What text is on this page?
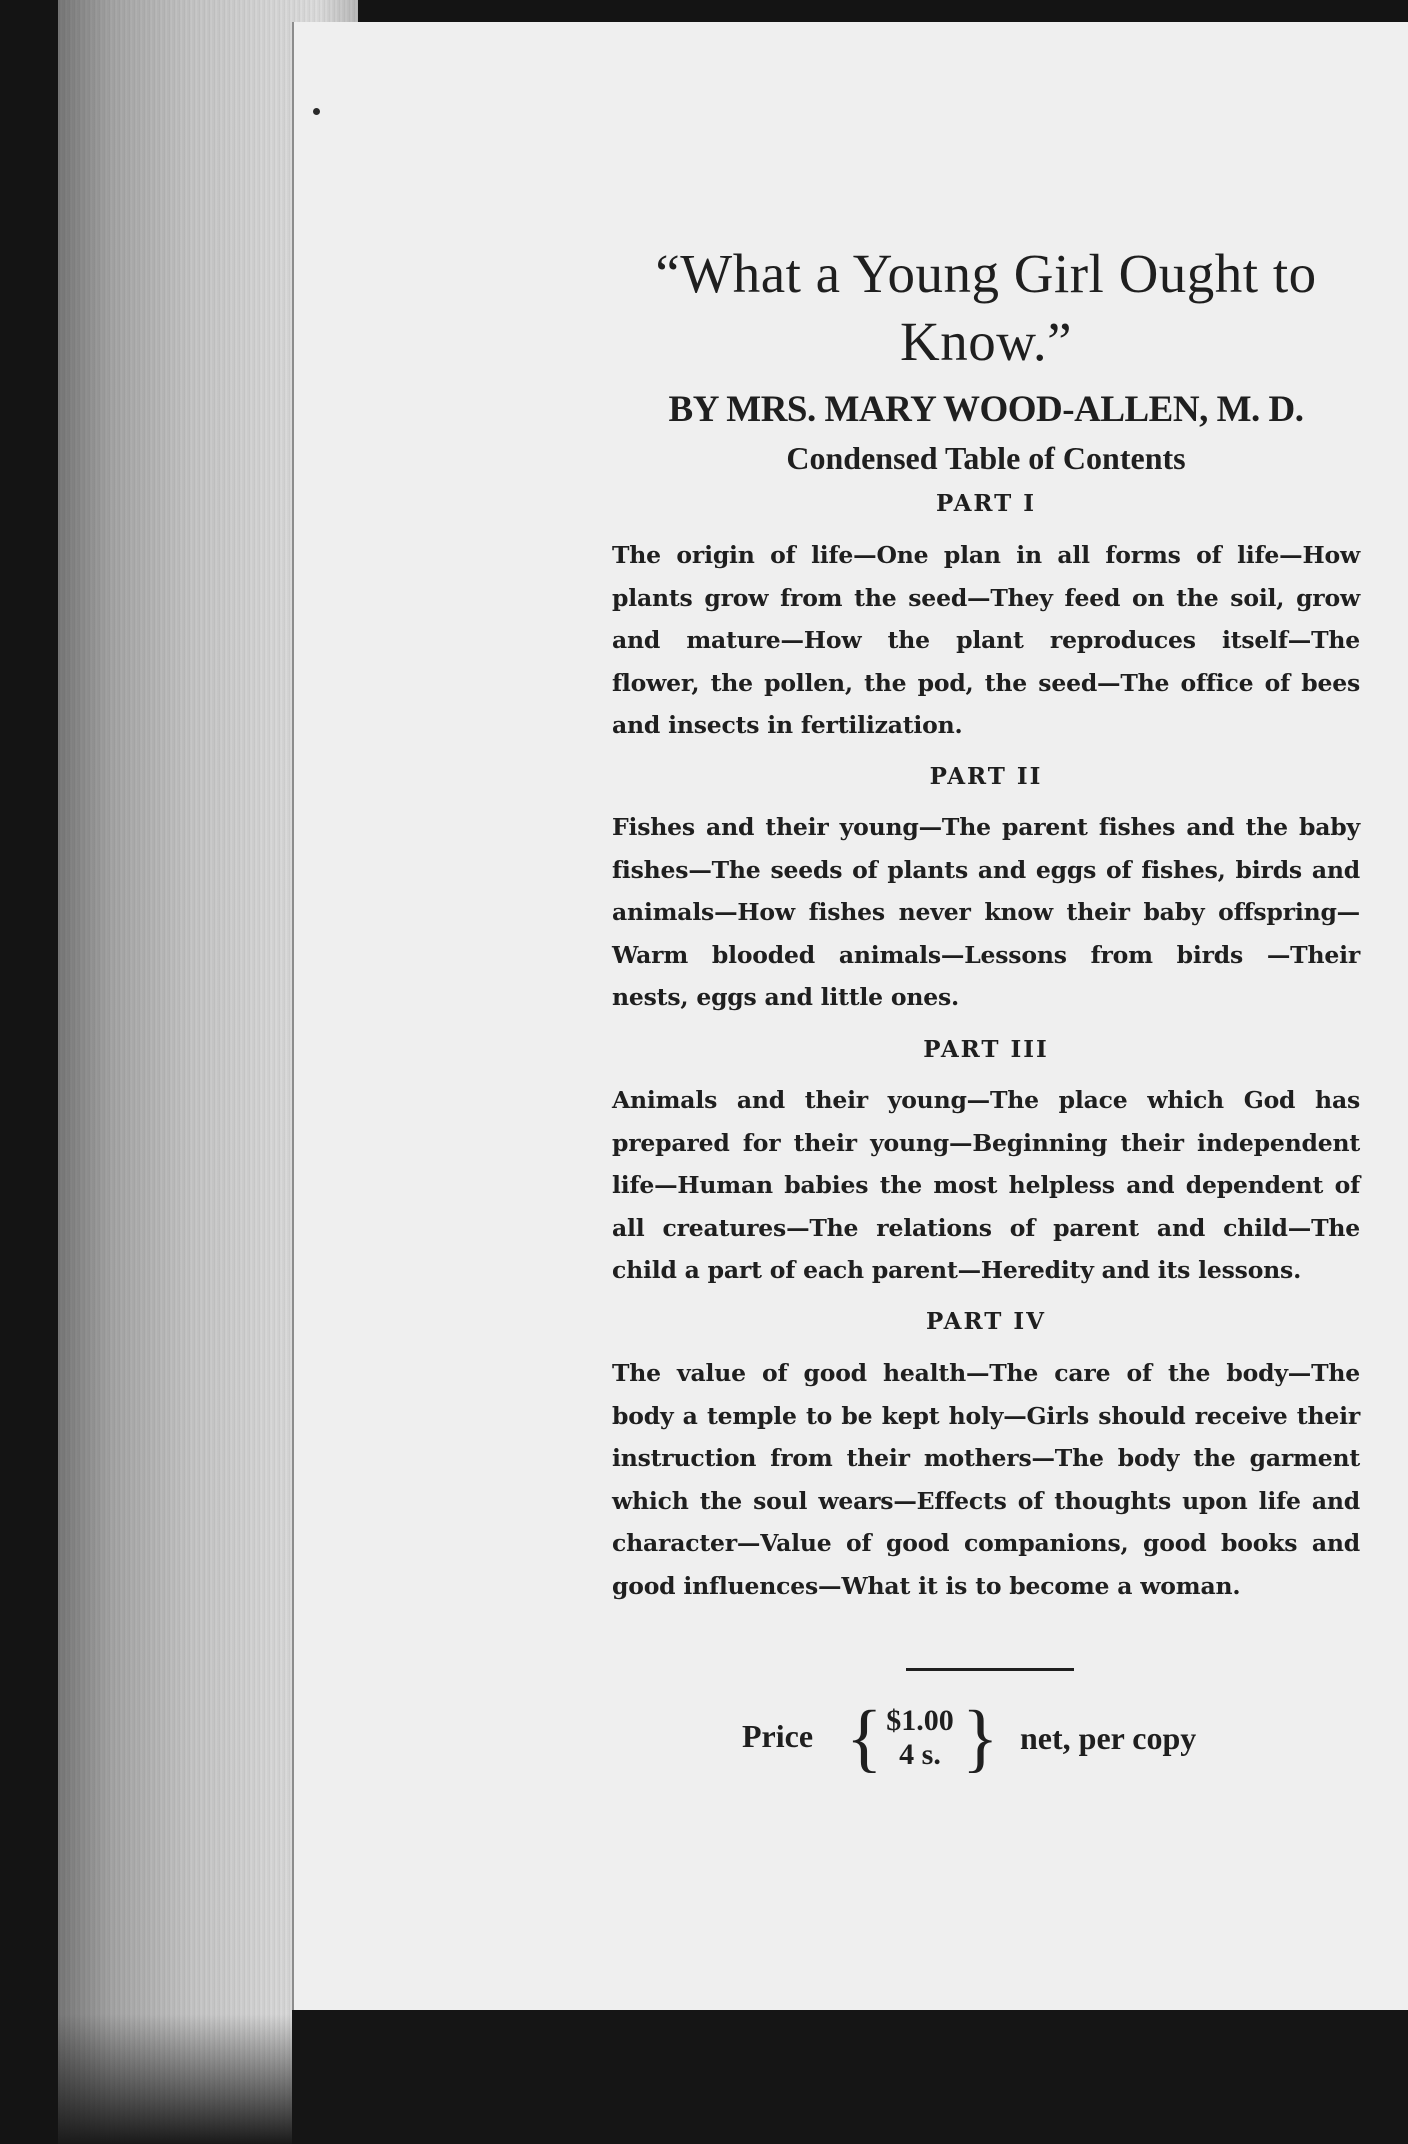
“What a Young Girl Ought to
Know.”
BY MRS. MARY WOOD-ALLEN, M. D.
Condensed Table of Contents
PART I

The origin of life—One plan in all forms of life—How plants grow from the seed—They feed on the soil, grow and mature—How the plant reproduces itself—The flower, the pollen, the pod, the seed—The office of bees and insects in fertilization.

PART II

Fishes and their young—The parent fishes and the baby fishes—The seeds of plants and eggs of fishes, birds and animals—How fishes never know their baby offspring—Warm blooded animals—Lessons from birds —Their nests, eggs and little ones.

PART III

Animals and their young—The place which God has prepared for their young—Beginning their independent life—Human babies the most helpless and dependent of all creatures—The relations of parent and child—The child a part of each parent—Heredity and its lessons.

PART IV

The value of good health—The care of the body—The body a temple to be kept holy—Girls should receive their instruction from their mothers—The body the garment which the soul wears—Effects of thoughts upon life and character—Value of good companions, good books and good influences—What it is to become a woman.

Price { $1.00
4 s. } net, per copy
